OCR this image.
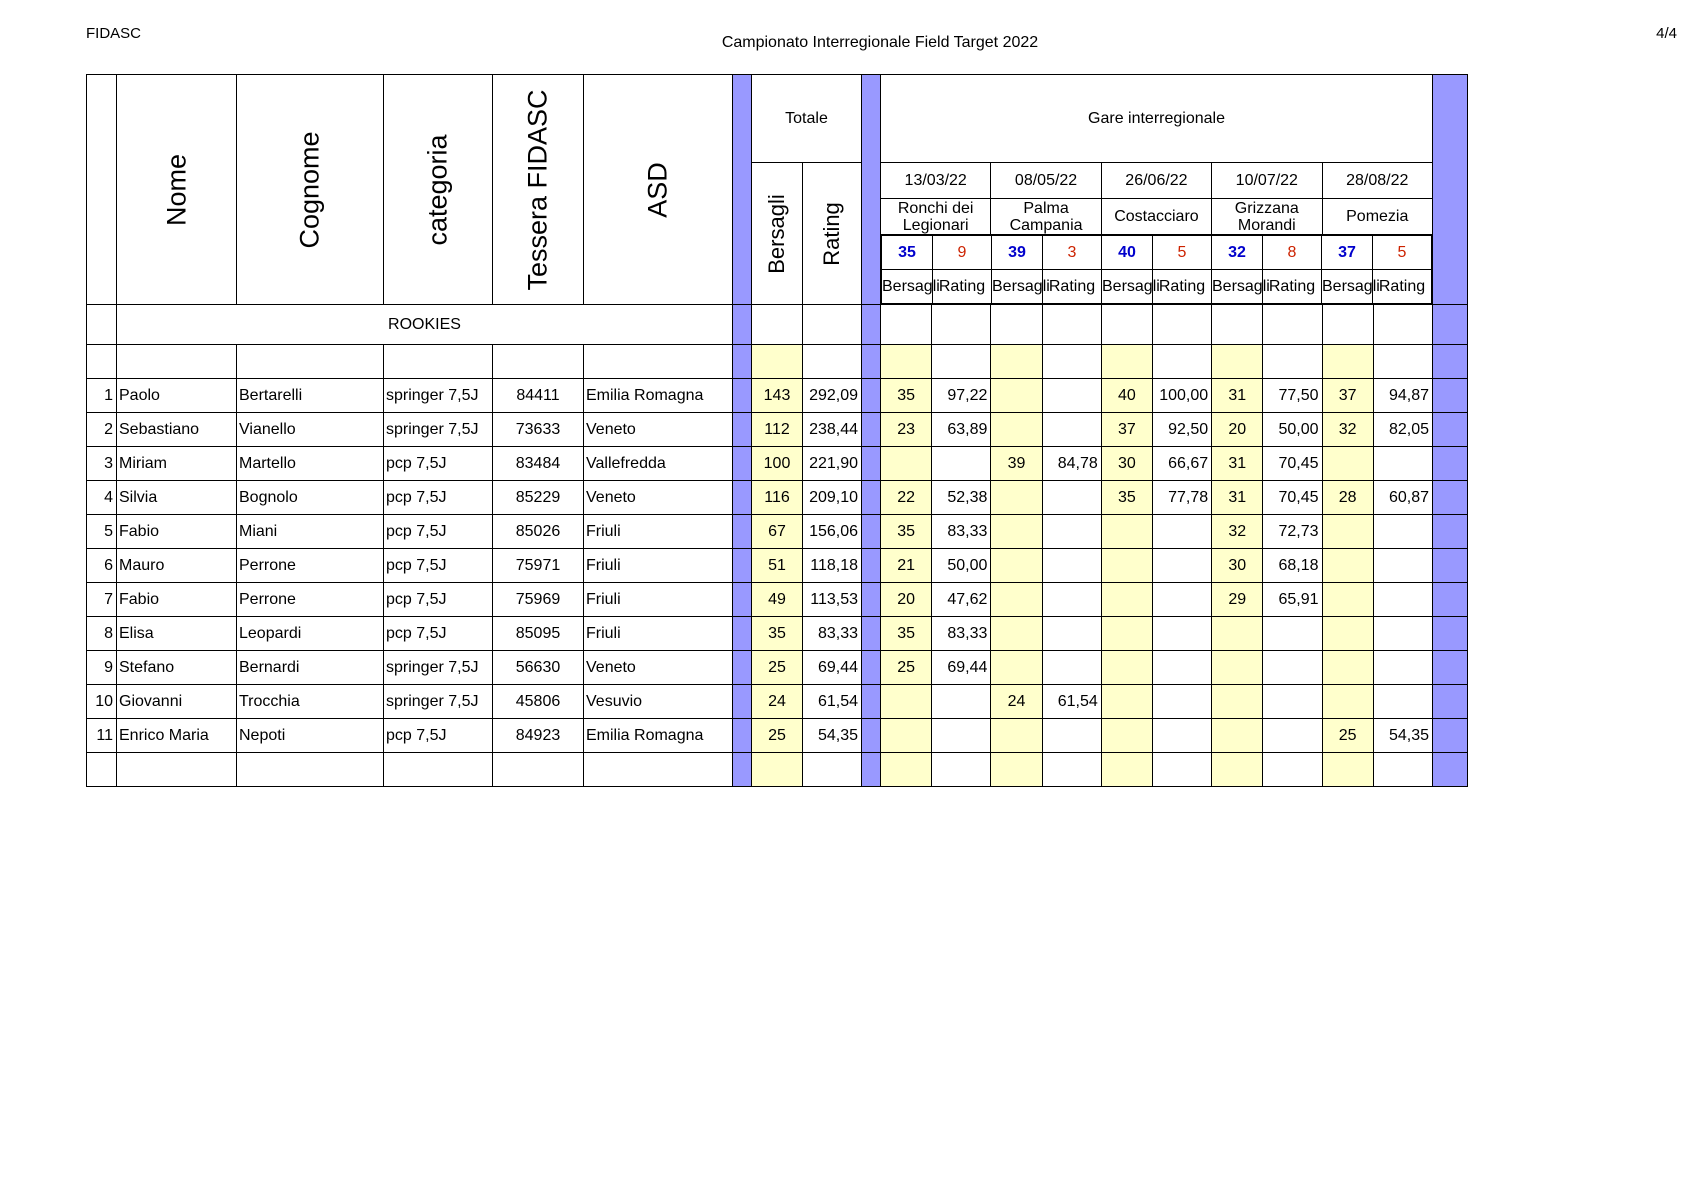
FIDASC
Campionato Interregionale Field Target 2022
4/4

Nome	Cognome	categoria	Tessera FIDASC	ASD
		Totale		Gare interregionale	

Bersagli	Rating
	13/03/22	08/05/22	26/06/22	10/07/22	28/08/22
Ronchi dei Legionari	Palma Campania	Costacciaro	Grizzana Morandi	Pomezia

35	9	39	3	40	5	32	8	37	5
Bersagli	Rating	Bersagli	Rating	Bersagli	Rating	Bersagli	Rating	Bersagli	Rating

	ROOKIES															

1	Paolo	Bertarelli	springer 7,5J	84411	Emilia Romagna		143	292,09		35	97,22			40	100,00	31	77,50	37	94,87	
2	Sebastiano	Vianello	springer 7,5J	73633	Veneto		112	238,44		23	63,89			37	92,50	20	50,00	32	82,05	
3	Miriam	Martello	pcp 7,5J	83484	Vallefredda		100	221,90				39	84,78	30	66,67	31	70,45			
4	Silvia	Bognolo	pcp 7,5J	85229	Veneto		116	209,10		22	52,38			35	77,78	31	70,45	28	60,87	
5	Fabio	Miani	pcp 7,5J	85026	Friuli		67	156,06		35	83,33					32	72,73			
6	Mauro	Perrone	pcp 7,5J	75971	Friuli		51	118,18		21	50,00					30	68,18			
7	Fabio	Perrone	pcp 7,5J	75969	Friuli		49	113,53		20	47,62					29	65,91			
8	Elisa	Leopardi	pcp 7,5J	85095	Friuli		35	83,33		35	83,33									
9	Stefano	Bernardi	springer 7,5J	56630	Veneto		25	69,44		25	69,44									
10	Giovanni	Trocchia	springer 7,5J	45806	Vesuvio		24	61,54				24	61,54							
11	Enrico Maria	Nepoti	pcp 7,5J	84923	Emilia Romagna		25	54,35										25	54,35	
